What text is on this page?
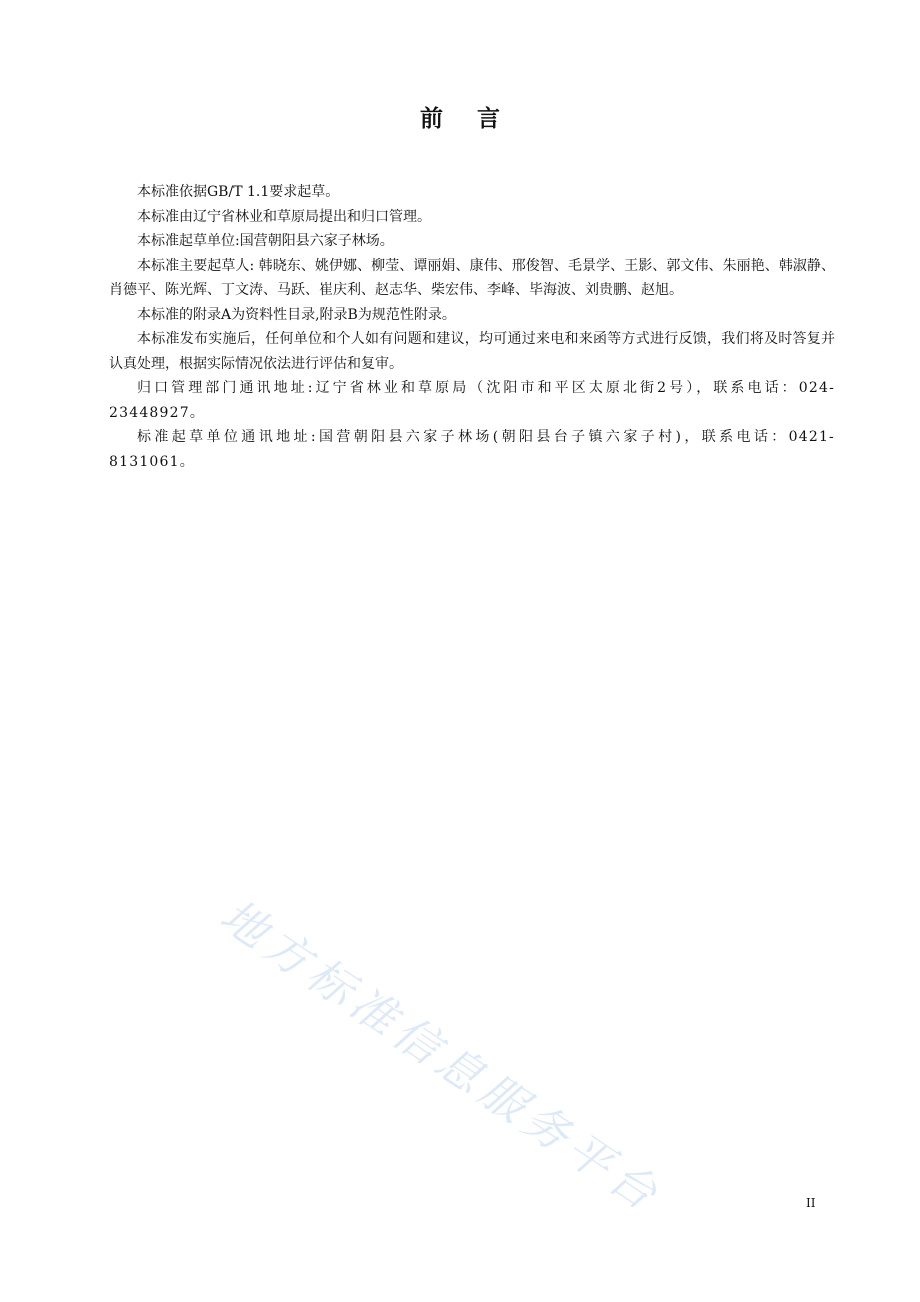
前 言

本标准依据GB/T 1.1要求起草。

本标准由辽宁省林业和草原局提出和归口管理。

本标准起草单位:国营朝阳县六家子林场。

本标准主要起草人: 韩晓东、姚伊娜、柳莹、谭丽娟、康伟、邢俊智、毛景学、王影、郭文伟、朱丽艳、韩淑静、肖德平、陈光辉、丁文涛、马跃、崔庆利、赵志华、柴宏伟、李峰、毕海波、刘贵鹏、赵旭。

本标准的附录A为资料性目录,附录B为规范性附录。

本标准发布实施后，任何单位和个人如有问题和建议，均可通过来电和来函等方式进行反馈，我们将及时答复并认真处理，根据实际情况依法进行评估和复审。

归口管理部门通讯地址:辽宁省林业和草原局（沈阳市和平区太原北街2号），联系电话：024-23448927。

标准起草单位通讯地址:国营朝阳县六家子林场(朝阳县台子镇六家子村)，联系电话：0421-8131061。

地方标准信息服务平台	II
